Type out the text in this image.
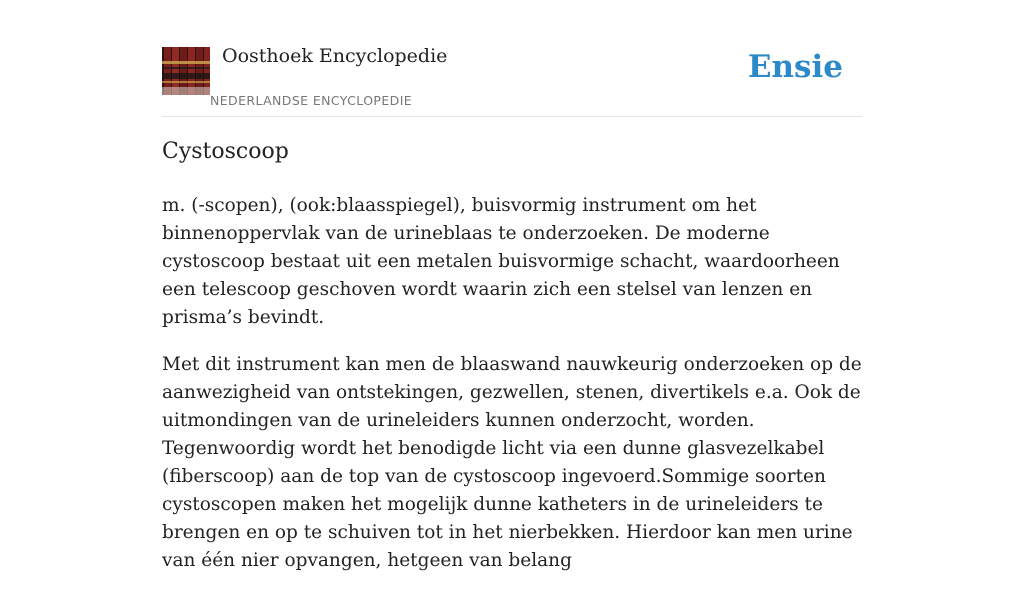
Oosthoek Encyclopedie
NEDERLANDSE ENCYCLOPEDIE
Ensie
Cystoscoop

m. (-scopen), (ook:blaasspiegel), buisvormig instrument om het binnenoppervlak van de urineblaas te onderzoeken. De moderne cystoscoop bestaat uit een metalen buisvormige schacht, waardoorheen een telescoop geschoven wordt waarin zich een stelsel van lenzen en prisma’s bevindt.

Met dit instrument kan men de blaaswand nauwkeurig onderzoeken op de aanwezigheid van ontstekingen, gezwellen, stenen, divertikels e.a. Ook de uitmondingen van de urineleiders kunnen onderzocht, worden. Tegenwoordig wordt het benodigde licht via een dunne glasvezelkabel (fiberscoop) aan de top van de cystoscoop ingevoerd.Sommige soorten cystoscopen maken het mogelijk dunne katheters in de urineleiders te brengen en op te schuiven tot in het nierbekken. Hierdoor kan men urine van één nier opvangen, hetgeen van belang
